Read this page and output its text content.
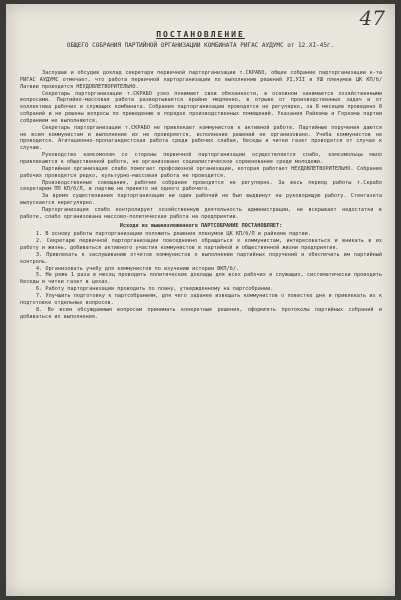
47
ПОСТАНОВЛЕНИЕ
ОБЩЕГО СОБРАНИЯ ПАРТИЙНОЙ ОРГАНИЗАЦИИ КОМБИНАТА РИГАС АУДУМС от 12.XI-45г.

Заслушав и обсудив доклад секретаря первичной парторганизации т.СКРАБО, общее собрание парторганизации к-та РИГАС АУДУМС отмечает, что работа первичной парторганизации по выполнению решений УI,УII и УШ пленумов ЦК КП/б/Латвии проводится НЕУДОВЛЕТВОРИТЕЛЬНО.

Секретарь парторганизации т.СКРАБО узко понимает свои обязанности, в основном занимается хозяйственными вопросами. Партийно-массовая работа развертывается крайне медленно, в отрыве от производственных задач и от коллектива рабочих и служащих комбината. Собрания парторганизации проводятся не регулярно, за 8 месяцев проведено 8 собраний и не решены вопросы по приведению в порядок производственных помещений. Указания Райкома и Горкома партии собранием не выполняются.

Секретарь парторганизации т.СКРАБО не привлекает коммунистов к активной работе. Партийные поручения даются не всем коммунистам и выполнение их не проверяется, исполнение решений не организовано. Учеба коммунистов не проводится. Агитационно-пропагандистская работа среди рабочих слабая, беседы и читки газет проводятся от случая к случаю.

Руководство комсомолом со стороны первичной парторганизации осуществляется слабо, комсомольцы мало привлекаются к общественной работе, не организовано социалистическое соревнование среди молодежи.

Партийная организация слабо помогает профсоюзной организации, которая работает НЕУДОВЛЕТВОРИТЕЛЬНО. Собрания рабочих проводятся редко, культурно-массовая работа не проводится.

Производственные совещания, рабочие собрания проводятся не регулярно. За весь период работы т.Скрабо секретарем ПП КП/б/Л, в партию не принято ни одного рабочего.

За время существования парторганизации ни один рабочий не был выдвинут на руководящую работу. Стенгазета выпускается нерегулярно.

Парторганизация слабо контролирует хозяйственную деятельность администрации, не вскрывает недостатки в работе, слабо организована массово-политическая работа на предприятии.

Исходя из вышеизложенного ПАРТСОБРАНИЕ ПОСТАНОВЛЯЕТ:

1. В основу работы парторганизации положить решения пленумов ЦК КП/б/Л и райкома партии.

2. Секретарю первичной парторганизации повседневно обращаться к коммунистам, интересоваться и вникать в их работу и жизнь, добиваться активного участия коммунистов в партийной и общественной жизни предприятия.

3. Привлекать к заслушиванию отчетов коммунистов о выполнении партийных поручений и обеспечить им партийный контроль.

4. Организовать учебу для коммунистов по изучению истории ВКП/б/.

5. Не реже 1 раза в месяц проводить политические доклады для всех рабочих и служащих, систематически проводить беседы и читки газет в цехах.

6. Работу парторганизации проводить по плану, утвержденному на партсобрании.

7. Улучшить подготовку к партсобраниям, для чего заранее извещать коммунистов о повестке дня и привлекать их к подготовке отдельных вопросов.

8. Во всем обсуждаемым вопросам принимать конкретные решения, оформлять протоколы партийных собраний и добиваться их выполнения.
